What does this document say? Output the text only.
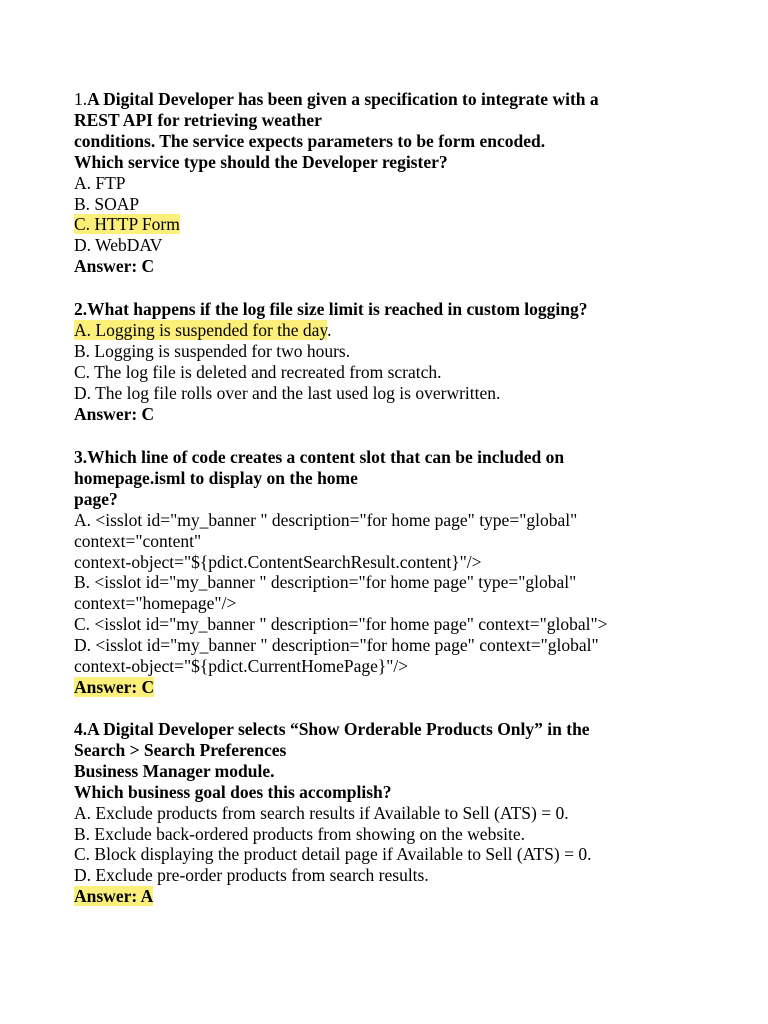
1.A Digital Developer has been given a specification to integrate with a
REST API for retrieving weather
conditions. The service expects parameters to be form encoded.
Which service type should the Developer register?
A. FTP
B. SOAP
C. HTTP Form
D. WebDAV
Answer: C
2.What happens if the log file size limit is reached in custom logging?
A. Logging is suspended for the day.
B. Logging is suspended for two hours.
C. The log file is deleted and recreated from scratch.
D. The log file rolls over and the last used log is overwritten.
Answer: C
3.Which line of code creates a content slot that can be included on
homepage.isml to display on the home
page?
A. <isslot id="my_banner " description="for home page" type="global"
context="content"
context-object="${pdict.ContentSearchResult.content}"/>
B. <isslot id="my_banner " description="for home page" type="global"
context="homepage"/>
C. <isslot id="my_banner " description="for home page" context="global">
D. <isslot id="my_banner " description="for home page" context="global"
context-object="${pdict.CurrentHomePage}"/>
Answer: C
4.A Digital Developer selects “Show Orderable Products Only” in the
Search > Search Preferences
Business Manager module.
Which business goal does this accomplish?
A. Exclude products from search results if Available to Sell (ATS) = 0.
B. Exclude back-ordered products from showing on the website.
C. Block displaying the product detail page if Available to Sell (ATS) = 0.
D. Exclude pre-order products from search results.
Answer: A
